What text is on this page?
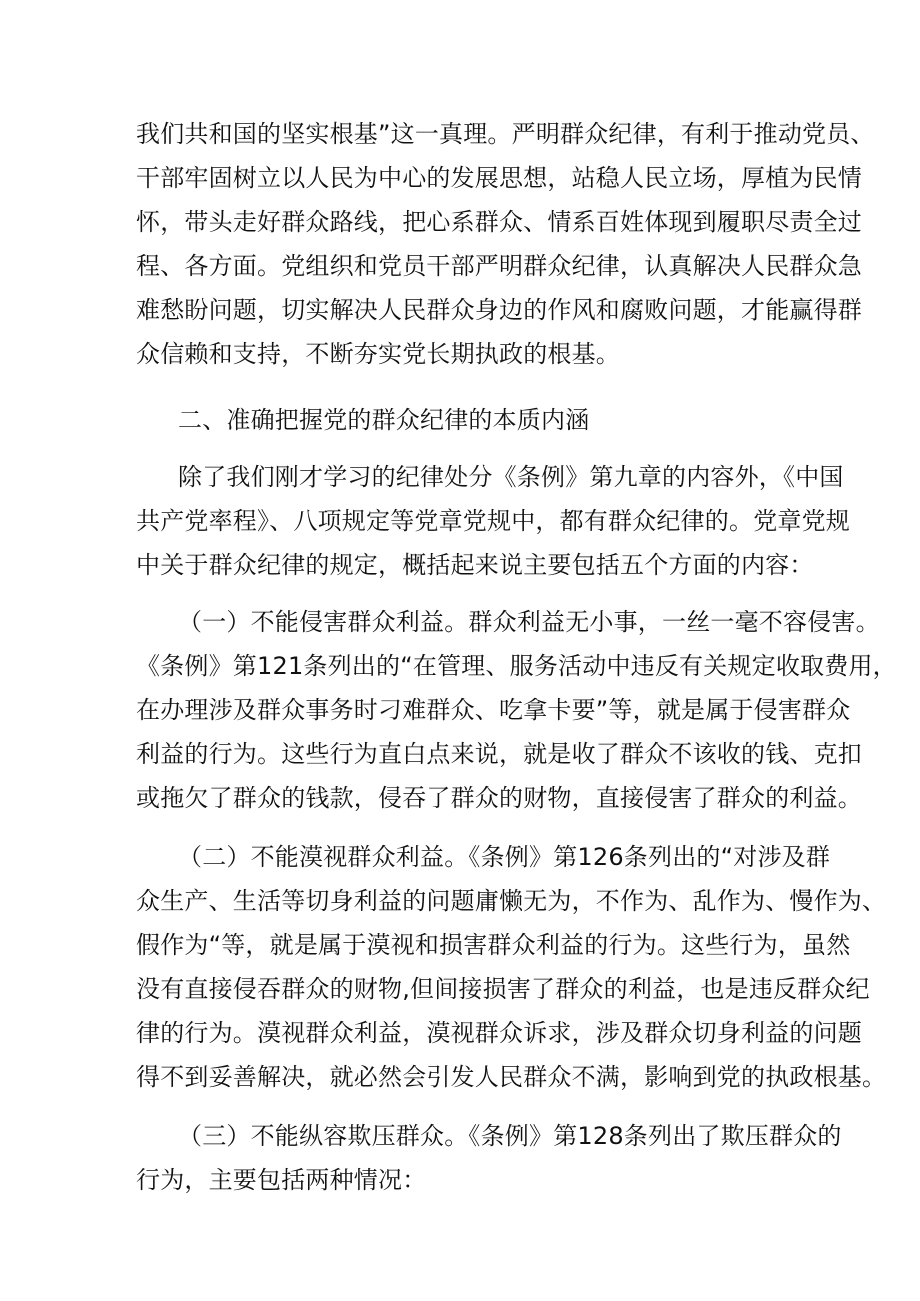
我们共和国的坚实根基”这一真理。严明群众纪律，有利于推动党员、
干部牢固树立以人民为中心的发展思想，站稳人民立场，厚植为民情
怀，带头走好群众路线，把心系群众、情系百姓体现到履职尽责全过
程、各方面。党组织和党员干部严明群众纪律，认真解决人民群众急
难愁盼问题，切实解决人民群众身边的作风和腐败问题，才能赢得群
众信赖和支持，不断夯实党长期执政的根基。
二、准确把握党的群众纪律的本质内涵
除了我们刚才学习的纪律处分《条例》第九章的内容外，《中国
共产党率程》、八项规定等党章党规中，都有群众纪律的。党章党规
中关于群众纪律的规定，概括起来说主要包括五个方面的内容：
（一）不能侵害群众利益。群众利益无小事，一丝一毫不容侵害。
《条例》第121条列出的“在管理、服务活动中违反有关规定收取费用，
在办理涉及群众事务时刁难群众、吃拿卡要”等，就是属于侵害群众
利益的行为。这些行为直白点来说，就是收了群众不该收的钱、克扣
或拖欠了群众的钱款，侵吞了群众的财物，直接侵害了群众的利益。
（二）不能漠视群众利益。《条例》第126条列出的“对涉及群
众生产、生活等切身利益的问题庸懒无为，不作为、乱作为、慢作为、
假作为“等，就是属于漠视和损害群众利益的行为。这些行为，虽然
没有直接侵吞群众的财物,但间接损害了群众的利益，也是违反群众纪
律的行为。漠视群众利益，漠视群众诉求，涉及群众切身利益的问题
得不到妥善解决，就必然会引发人民群众不满，影响到党的执政根基。
（三）不能纵容欺压群众。《条例》第128条列出了欺压群众的
行为，主要包括两种情况：
